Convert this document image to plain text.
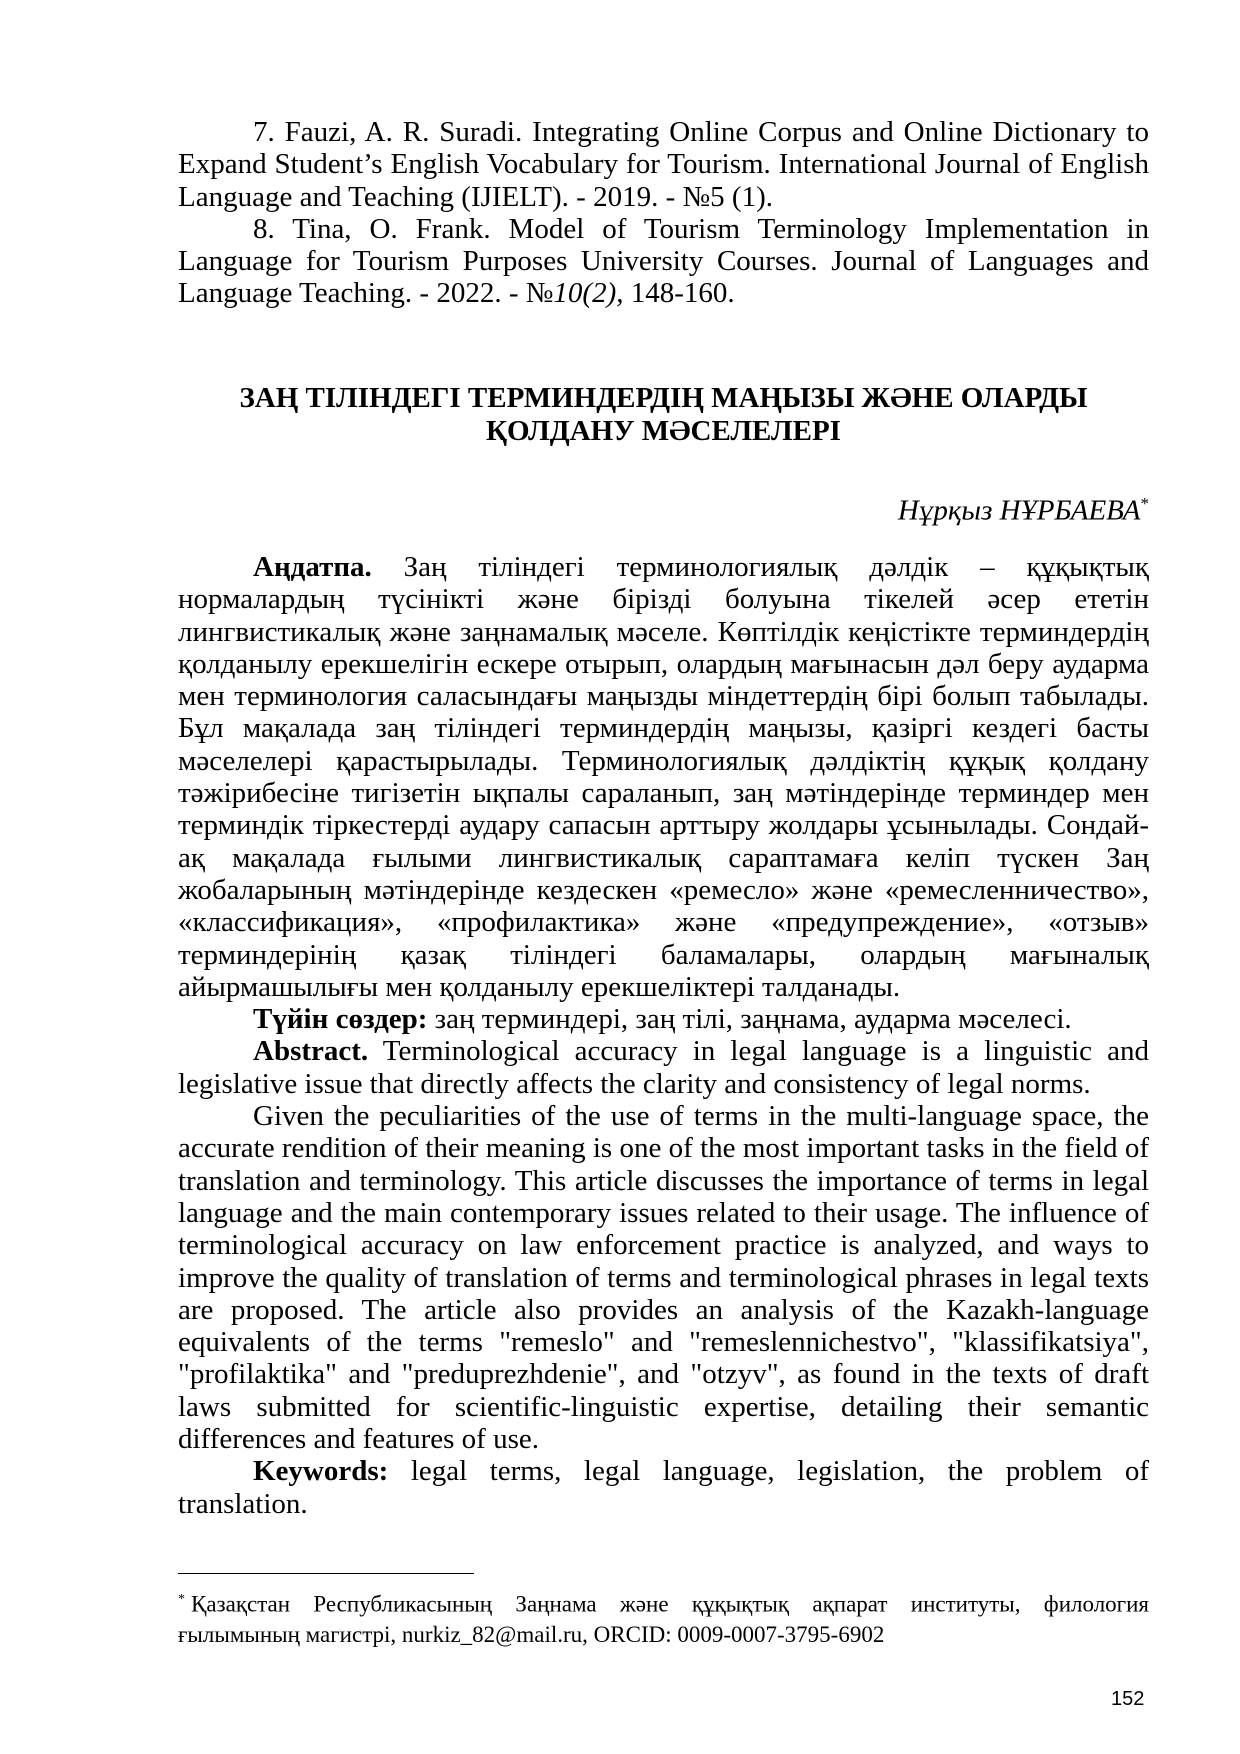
7. Fauzi, A. R. Suradi. Integrating Online Corpus and Online Dictionary to Expand Student’s English Vocabulary for Tourism. International Journal of English Language and Teaching (IJIELT). - 2019. - №5 (1).

8. Tina, O. Frank. Model of Tourism Terminology Implementation in Language for Tourism Purposes University Courses. Journal of Languages and Language Teaching. - 2022. - №10(2), 148-160.

ЗАҢ ТІЛІНДЕГІ ТЕРМИНДЕРДІҢ МАҢЫЗЫ ЖӘНЕ ОЛАРДЫ
ҚОЛДАНУ МӘСЕЛЕЛЕРІ

Нұрқыз НҰРБАЕВА*

Аңдатпа. Заң тіліндегі терминологиялық дәлдік – құқықтық нормалардың түсінікті және бірізді болуына тікелей әсер ететін лингвистикалық және заңнамалық мәселе. Көптілдік кеңістікте терминдердің қолданылу ерекшелігін ескере отырып, олардың мағынасын дәл беру аударма мен терминология саласындағы маңызды міндеттердің бірі болып табылады. Бұл мақалада заң тіліндегі терминдердің маңызы, қазіргі кездегі басты мәселелері қарастырылады. Терминологиялық дәлдіктің құқық қолдану тәжірибесіне тигізетін ықпалы сараланып, заң мәтіндерінде терминдер мен терминдік тіркестерді аудару сапасын арттыру жолдары ұсынылады. Сондай-ақ мақалада ғылыми лингвистикалық сараптамаға келіп түскен Заң жобаларының мәтіндерінде кездескен «ремесло» және «ремесленничество», «классификация», «профилактика» және «предупреждение», «отзыв» терминдерінің қазақ тіліндегі баламалары, олардың мағыналық айырмашылығы мен қолданылу ерекшеліктері талданады.

Түйін сөздер: заң терминдері, заң тілі, заңнама, аударма мәселесі.

Abstract. Terminological accuracy in legal language is a linguistic and legislative issue that directly affects the clarity and consistency of legal norms.

Given the peculiarities of the use of terms in the multi-language space, the accurate rendition of their meaning is one of the most important tasks in the field of translation and terminology. This article discusses the importance of terms in legal language and the main contemporary issues related to their usage. The influence of terminological accuracy on law enforcement practice is analyzed, and ways to improve the quality of translation of terms and terminological phrases in legal texts are proposed. The article also provides an analysis of the Kazakh-language equivalents of the terms "remeslo" and "remeslennichestvo", "klassifikatsiya", "profilaktika" and "preduprezhdenie", and "otzyv", as found in the texts of draft laws submitted for scientific-linguistic expertise, detailing their semantic differences and features of use.

Keywords: legal terms, legal language, legislation, the problem of translation.

* Қазақстан Республикасының Заңнама және құқықтық ақпарат институты, филология ғылымының магистрі, nurkiz_82@mail.ru, ORCID: 0009-0007-3795-6902

152
